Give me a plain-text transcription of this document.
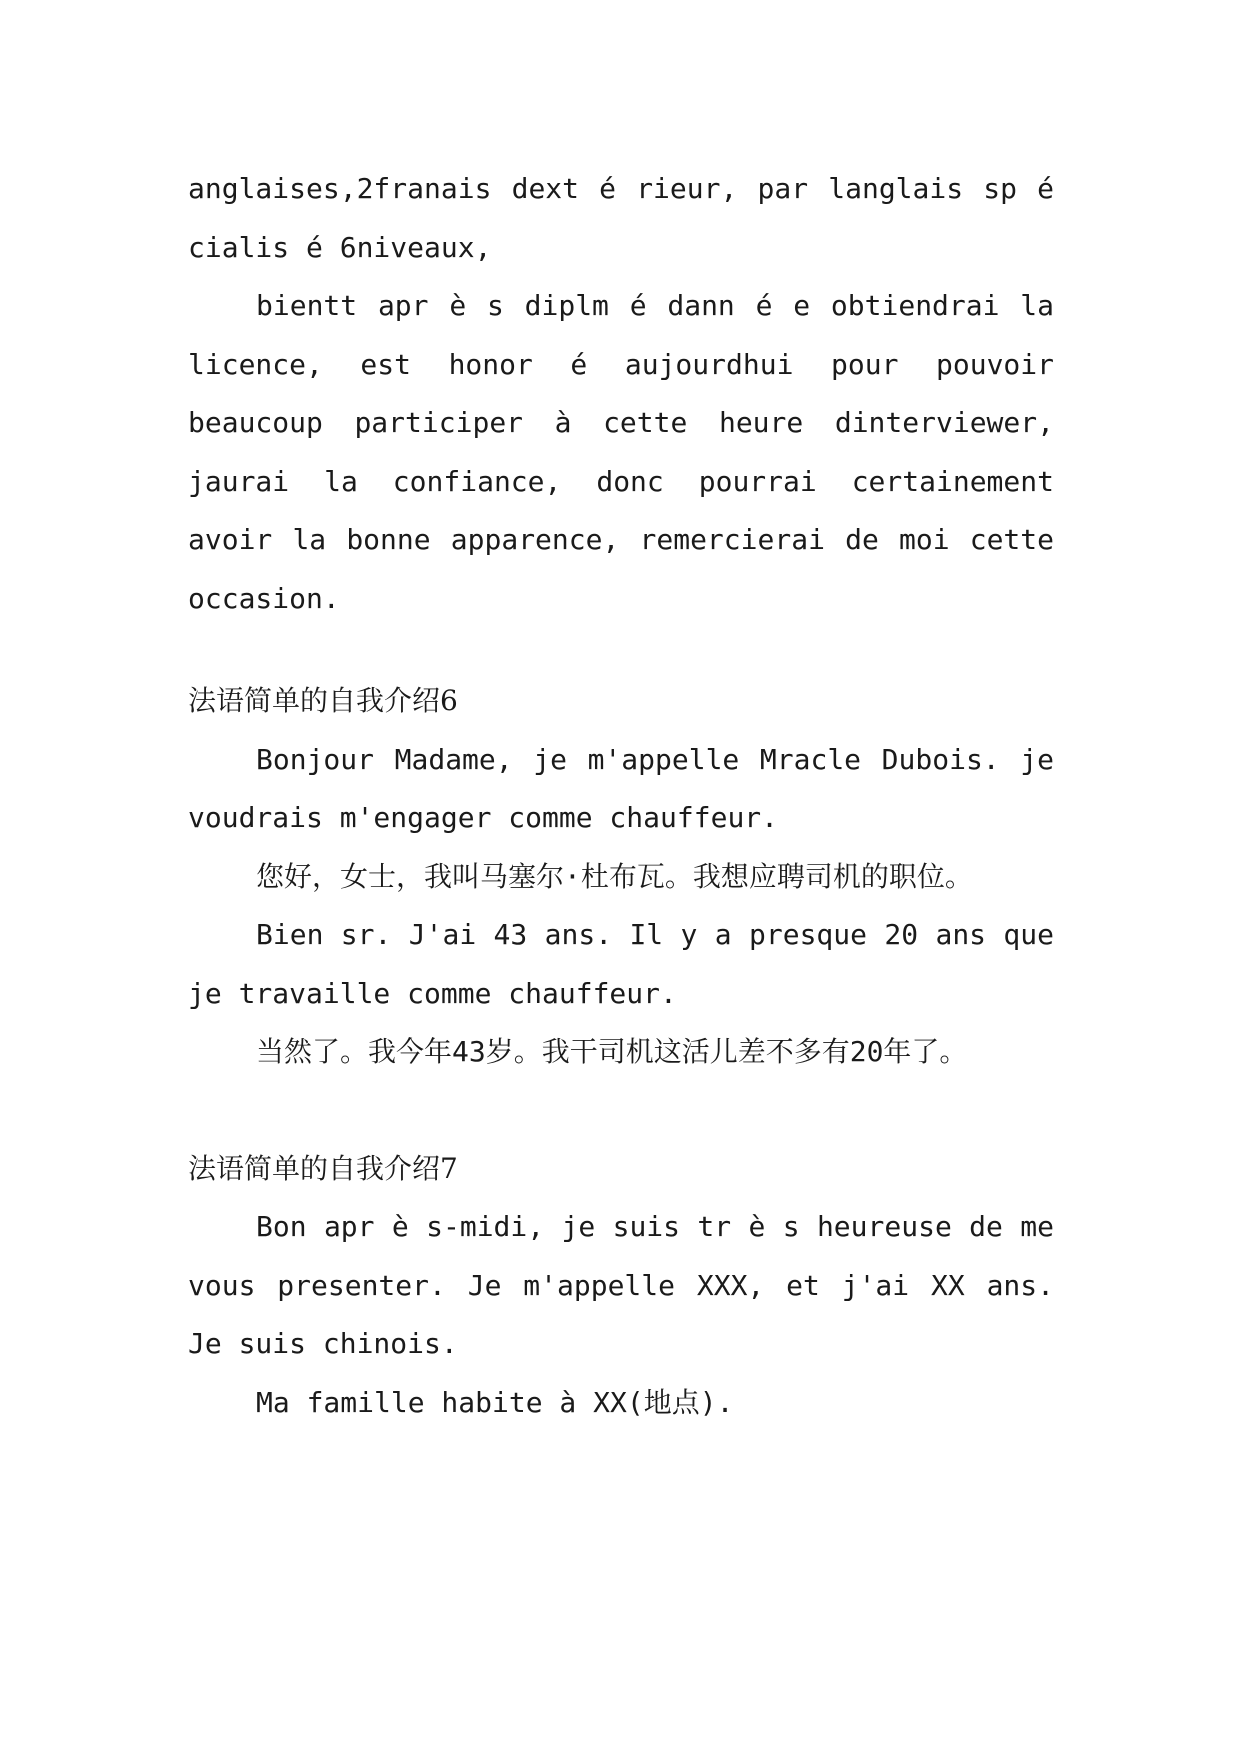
anglaises,2franais dext é rieur, par langlais sp é cialis é 6niveaux,

bientt apr è s diplm é dann é e obtiendrai la licence, est honor é aujourdhui pour pouvoir beaucoup participer à cette heure dinterviewer, jaurai la confiance, donc pourrai certainement avoir la bonne apparence, remercierai de moi cette occasion.

法语简单的自我介绍6

Bonjour Madame, je m'appelle Mracle Dubois. je voudrais m'engager comme chauffeur.

您好，女士，我叫马塞尔·杜布瓦。我想应聘司机的职位。

Bien sr. J'ai 43 ans. Il y a presque 20 ans que je travaille comme chauffeur.

当然了。我今年43岁。我干司机这活儿差不多有20年了。

法语简单的自我介绍7

Bon apr è s-midi, je suis tr è s heureuse de me vous presenter. Je m'appelle XXX, et j'ai XX ans. Je suis chinois.

Ma famille habite à XX(地点).
